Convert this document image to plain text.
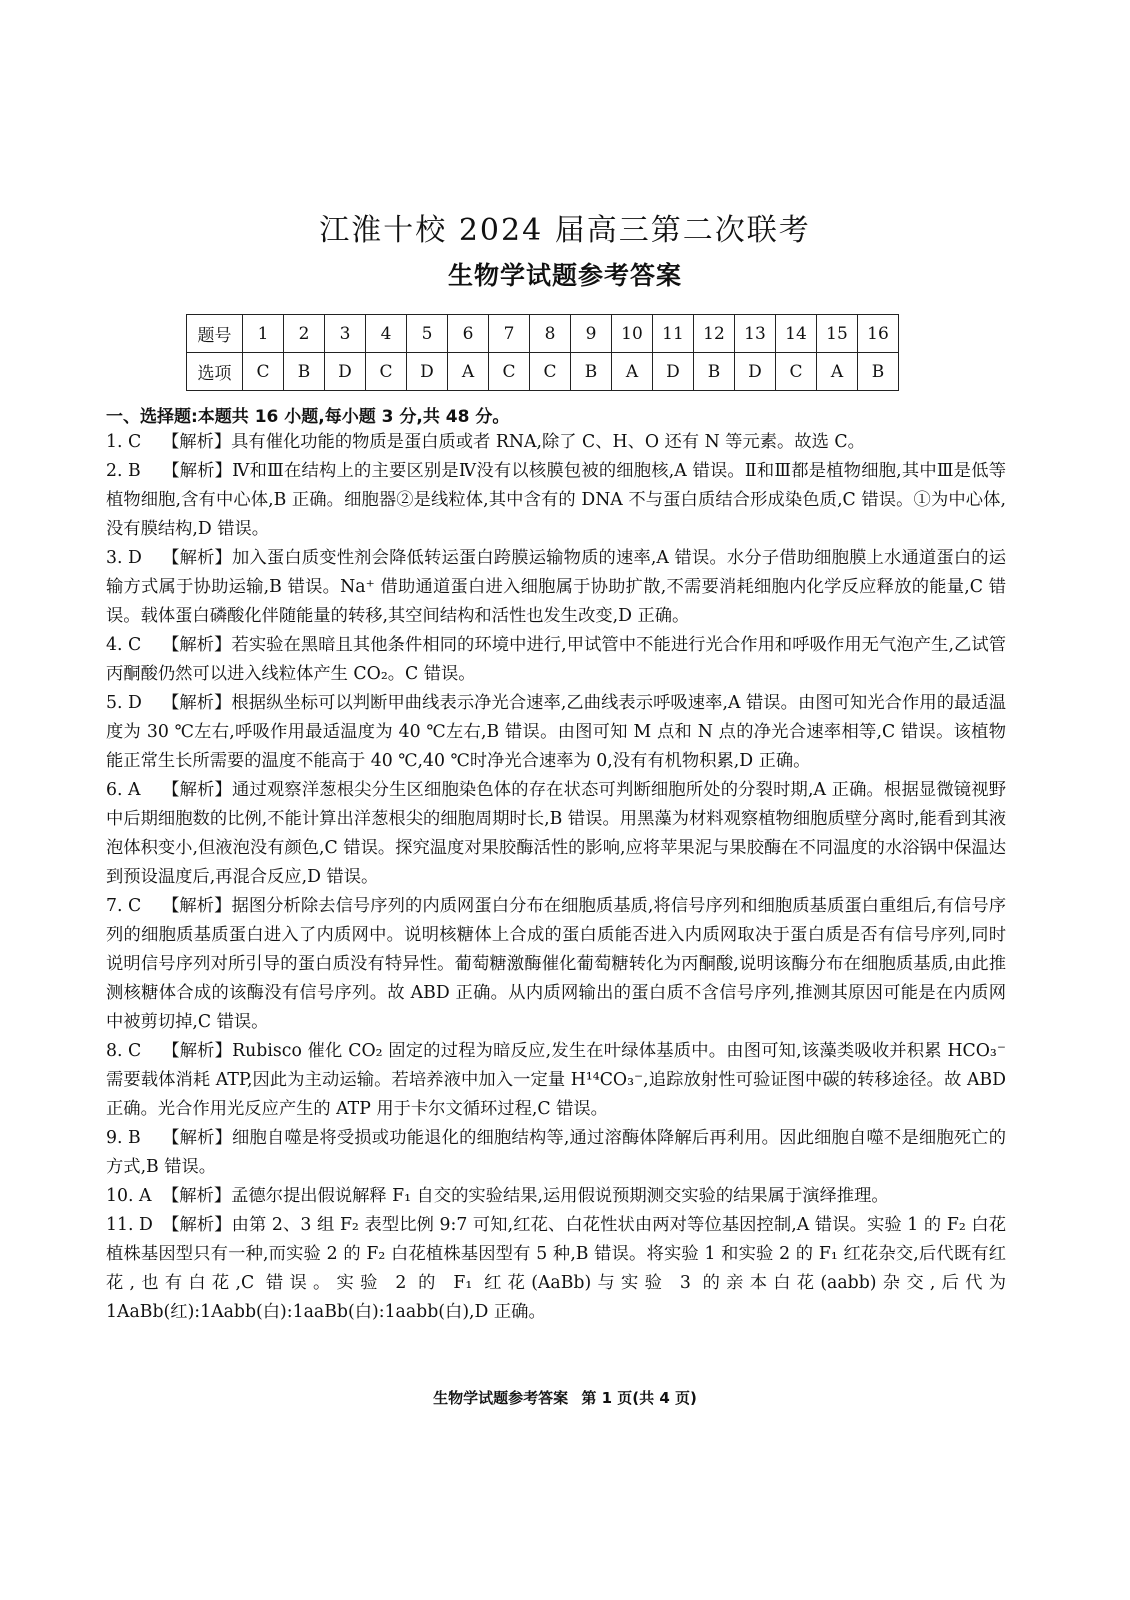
江淮十校 2024 届高三第二次联考
生物学试题参考答案
题号	1	2	3	4	5	6	7	8	9	10	11	12	13	14	15	16
选项	C	B	D	C	D	A	C	C	B	A	D	B	D	C	A	B
一、选择题:本题共 16 小题,每小题 3 分,共 48 分。

1. C 【解析】具有催化功能的物质是蛋白质或者 RNA,除了 C、H、O 还有 N 等元素。故选 C。

2. B 【解析】Ⅳ和Ⅲ在结构上的主要区别是Ⅳ没有以核膜包被的细胞核,A 错误。Ⅱ和Ⅲ都是植物细胞,其中Ⅲ是低等植物细胞,含有中心体,B 正确。细胞器②是线粒体,其中含有的 DNA 不与蛋白质结合形成染色质,C 错误。①为中心体,没有膜结构,D 错误。

3. D 【解析】加入蛋白质变性剂会降低转运蛋白跨膜运输物质的速率,A 错误。水分子借助细胞膜上水通道蛋白的运输方式属于协助运输,B 错误。Na⁺ 借助通道蛋白进入细胞属于协助扩散,不需要消耗细胞内化学反应释放的能量,C 错误。载体蛋白磷酸化伴随能量的转移,其空间结构和活性也发生改变,D 正确。

4. C 【解析】若实验在黑暗且其他条件相同的环境中进行,甲试管中不能进行光合作用和呼吸作用无气泡产生,乙试管丙酮酸仍然可以进入线粒体产生 CO₂。C 错误。

5. D 【解析】根据纵坐标可以判断甲曲线表示净光合速率,乙曲线表示呼吸速率,A 错误。由图可知光合作用的最适温度为 30 ℃左右,呼吸作用最适温度为 40 ℃左右,B 错误。由图可知 M 点和 N 点的净光合速率相等,C 错误。该植物能正常生长所需要的温度不能高于 40 ℃,40 ℃时净光合速率为 0,没有有机物积累,D 正确。

6. A 【解析】通过观察洋葱根尖分生区细胞染色体的存在状态可判断细胞所处的分裂时期,A 正确。根据显微镜视野中后期细胞数的比例,不能计算出洋葱根尖的细胞周期时长,B 错误。用黑藻为材料观察植物细胞质壁分离时,能看到其液泡体积变小,但液泡没有颜色,C 错误。探究温度对果胶酶活性的影响,应将苹果泥与果胶酶在不同温度的水浴锅中保温达到预设温度后,再混合反应,D 错误。

7. C 【解析】据图分析除去信号序列的内质网蛋白分布在细胞质基质,将信号序列和细胞质基质蛋白重组后,有信号序列的细胞质基质蛋白进入了内质网中。说明核糖体上合成的蛋白质能否进入内质网取决于蛋白质是否有信号序列,同时说明信号序列对所引导的蛋白质没有特异性。葡萄糖激酶催化葡萄糖转化为丙酮酸,说明该酶分布在细胞质基质,由此推测核糖体合成的该酶没有信号序列。故 ABD 正确。从内质网输出的蛋白质不含信号序列,推测其原因可能是在内质网中被剪切掉,C 错误。

8. C 【解析】Rubisco 催化 CO₂ 固定的过程为暗反应,发生在叶绿体基质中。由图可知,该藻类吸收并积累 HCO₃⁻ 需要载体消耗 ATP,因此为主动运输。若培养液中加入一定量 H¹⁴CO₃⁻,追踪放射性可验证图中碳的转移途径。故 ABD 正确。光合作用光反应产生的 ATP 用于卡尔文循环过程,C 错误。

9. B 【解析】细胞自噬是将受损或功能退化的细胞结构等,通过溶酶体降解后再利用。因此细胞自噬不是细胞死亡的方式,B 错误。

10. A 【解析】孟德尔提出假说解释 F₁ 自交的实验结果,运用假说预期测交实验的结果属于演绎推理。

11. D 【解析】由第 2、3 组 F₂ 表型比例 9:7 可知,红花、白花性状由两对等位基因控制,A 错误。实验 1 的 F₂ 白花植株基因型只有一种,而实验 2 的 F₂ 白花植株基因型有 5 种,B 错误。将实验 1 和实验 2 的 F₁ 红花杂交,后代既有红花,也有白花,C 错误。实验 2 的 F₁ 红花(AaBb)与实验 3 的亲本白花(aabb)杂交,后代为 1AaBb(红):1Aabb(白):1aaBb(白):1aabb(白),D 正确。

生物学试题参考答案 第 1 页(共 4 页)
